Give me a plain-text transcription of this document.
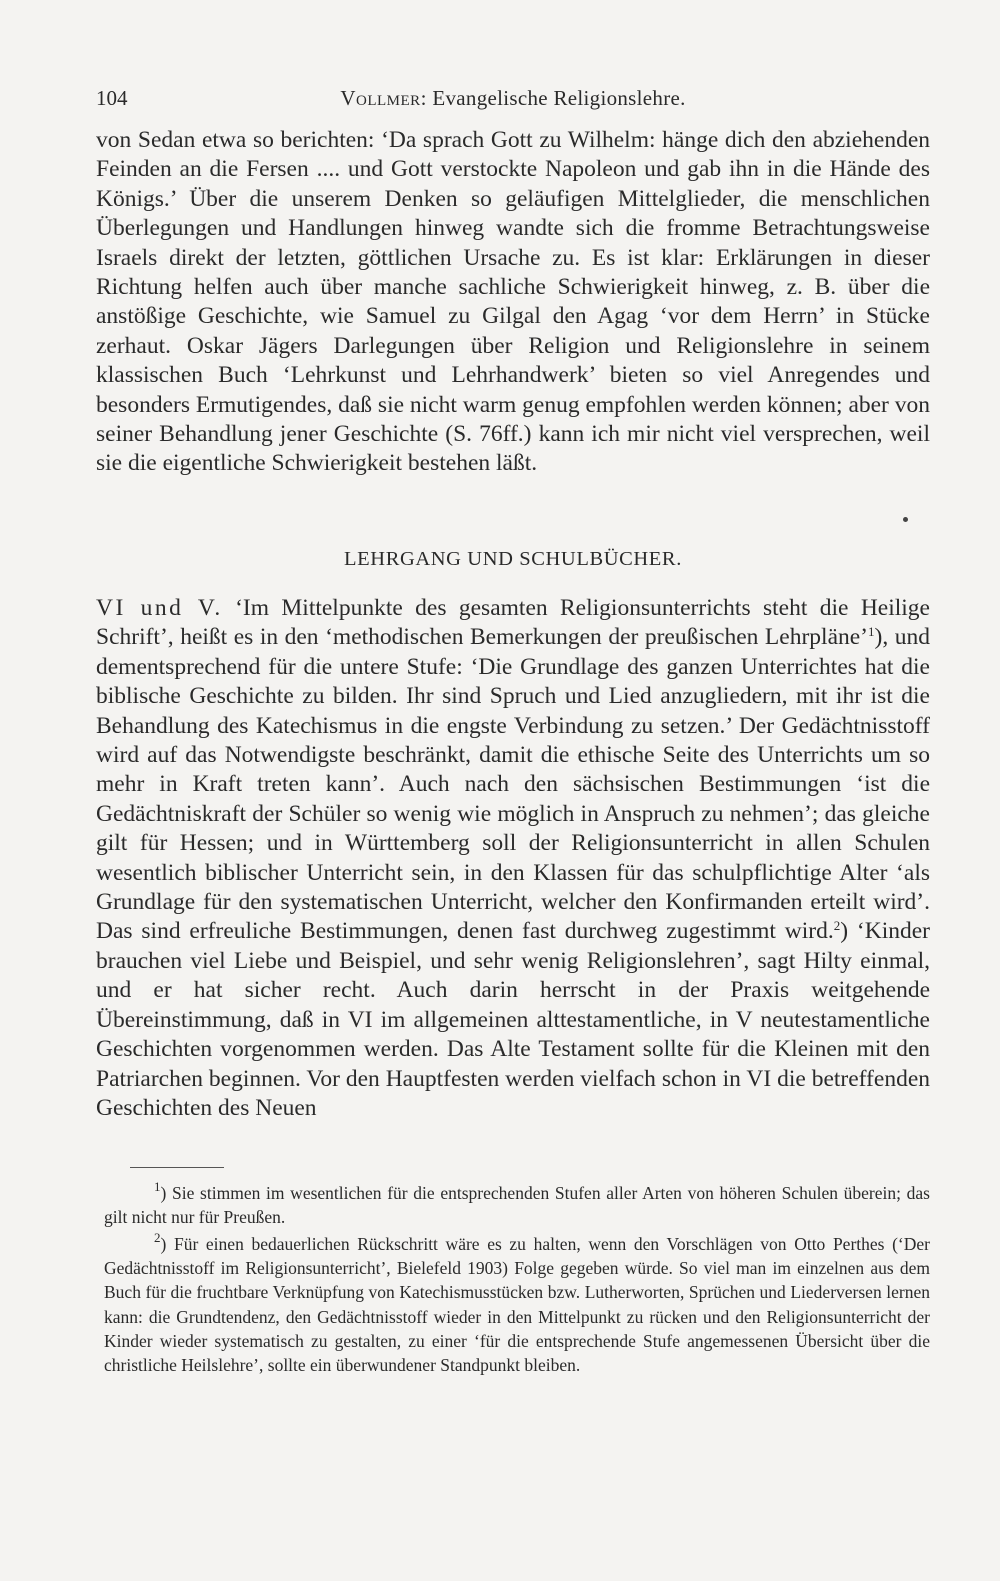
104	Vollmer: Evangelische Religionslehre.

von Sedan etwa so berichten: ‘Da sprach Gott zu Wilhelm: hänge dich den abziehenden Feinden an die Fersen .... und Gott verstockte Napoleon und gab ihn in die Hände des Königs.’ Über die unserem Denken so geläufigen Mittelglieder, die menschlichen Überlegungen und Handlungen hinweg wandte sich die fromme Betrachtungsweise Israels direkt der letzten, göttlichen Ursache zu. Es ist klar: Erklärungen in dieser Richtung helfen auch über manche sachliche Schwierigkeit hinweg, z. B. über die anstößige Geschichte, wie Samuel zu Gilgal den Agag ‘vor dem Herrn’ in Stücke zerhaut. Oskar Jägers Darlegungen über Religion und Religionslehre in seinem klassischen Buch ‘Lehrkunst und Lehrhandwerk’ bieten so viel Anregendes und besonders Ermutigendes, daß sie nicht warm genug empfohlen werden können; aber von seiner Behandlung jener Geschichte (S. 76ff.) kann ich mir nicht viel versprechen, weil sie die eigentliche Schwierigkeit bestehen läßt.

LEHRGANG UND SCHULBÜCHER.

VI und V. ‘Im Mittelpunkte des gesamten Religionsunterrichts steht die Heilige Schrift’, heißt es in den ‘methodischen Bemerkungen der preußischen Lehrpläne’$^1$), und dementsprechend für die untere Stufe: ‘Die Grundlage des ganzen Unterrichtes hat die biblische Geschichte zu bilden. Ihr sind Spruch und Lied anzugliedern, mit ihr ist die Behandlung des Katechismus in die engste Verbindung zu setzen.’ Der Gedächtnisstoff wird auf das Notwendigste beschränkt, damit die ethische Seite des Unterrichts um so mehr in Kraft treten kann’. Auch nach den sächsischen Bestimmungen ‘ist die Gedächtniskraft der Schüler so wenig wie möglich in Anspruch zu nehmen’; das gleiche gilt für Hessen; und in Württemberg soll der Religionsunterricht in allen Schulen wesentlich biblischer Unterricht sein, in den Klassen für das schulpflichtige Alter ‘als Grundlage für den systematischen Unterricht, welcher den Konfirmanden erteilt wird’. Das sind erfreuliche Bestimmungen, denen fast durchweg zugestimmt wird.$^2$) ‘Kinder brauchen viel Liebe und Beispiel, und sehr wenig Religionslehren’, sagt Hilty einmal, und er hat sicher recht. Auch darin herrscht in der Praxis weitgehende Übereinstimmung, daß in VI im allgemeinen alttestamentliche, in V neutestamentliche Geschichten vorgenommen werden. Das Alte Testament sollte für die Kleinen mit den Patriarchen beginnen. Vor den Hauptfesten werden vielfach schon in VI die betreffenden Geschichten des Neuen

$^1$) Sie stimmen im wesentlichen für die entsprechenden Stufen aller Arten von höheren Schulen überein; das gilt nicht nur für Preußen.

$^2$) Für einen bedauerlichen Rückschritt wäre es zu halten, wenn den Vorschlägen von Otto Perthes (‘Der Gedächtnisstoff im Religionsunterricht’, Bielefeld 1903) Folge gegeben würde. So viel man im einzelnen aus dem Buch für die fruchtbare Verknüpfung von Katechismusstücken bzw. Lutherworten, Sprüchen und Liederversen lernen kann: die Grundtendenz, den Gedächtnisstoff wieder in den Mittelpunkt zu rücken und den Religionsunterricht der Kinder wieder systematisch zu gestalten, zu einer ‘für die entsprechende Stufe angemessenen Übersicht über die christliche Heilslehre’, sollte ein überwundener Standpunkt bleiben.
